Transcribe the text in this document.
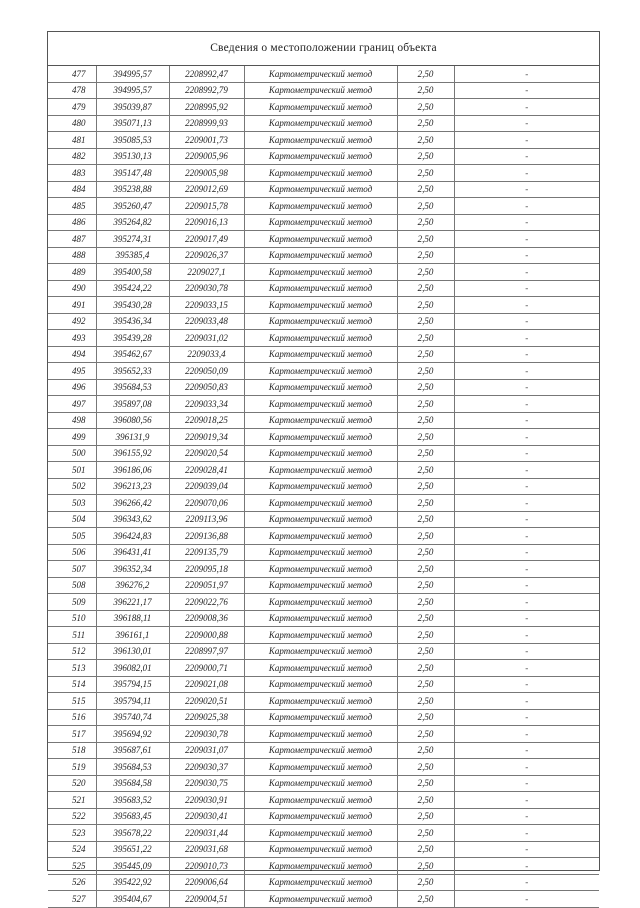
Сведения о местоположении границ объекта
477	394995,57	2208992,47	Картометрический метод	2,50	-
478	394995,57	2208992,79	Картометрический метод	2,50	-
479	395039,87	2208995,92	Картометрический метод	2,50	-
480	395071,13	2208999,93	Картометрический метод	2,50	-
481	395085,53	2209001,73	Картометрический метод	2,50	-
482	395130,13	2209005,96	Картометрический метод	2,50	-
483	395147,48	2209005,98	Картометрический метод	2,50	-
484	395238,88	2209012,69	Картометрический метод	2,50	-
485	395260,47	2209015,78	Картометрический метод	2,50	-
486	395264,82	2209016,13	Картометрический метод	2,50	-
487	395274,31	2209017,49	Картометрический метод	2,50	-
488	395385,4	2209026,37	Картометрический метод	2,50	-
489	395400,58	2209027,1	Картометрический метод	2,50	-
490	395424,22	2209030,78	Картометрический метод	2,50	-
491	395430,28	2209033,15	Картометрический метод	2,50	-
492	395436,34	2209033,48	Картометрический метод	2,50	-
493	395439,28	2209031,02	Картометрический метод	2,50	-
494	395462,67	2209033,4	Картометрический метод	2,50	-
495	395652,33	2209050,09	Картометрический метод	2,50	-
496	395684,53	2209050,83	Картометрический метод	2,50	-
497	395897,08	2209033,34	Картометрический метод	2,50	-
498	396080,56	2209018,25	Картометрический метод	2,50	-
499	396131,9	2209019,34	Картометрический метод	2,50	-
500	396155,92	2209020,54	Картометрический метод	2,50	-
501	396186,06	2209028,41	Картометрический метод	2,50	-
502	396213,23	2209039,04	Картометрический метод	2,50	-
503	396266,42	2209070,06	Картометрический метод	2,50	-
504	396343,62	2209113,96	Картометрический метод	2,50	-
505	396424,83	2209136,88	Картометрический метод	2,50	-
506	396431,41	2209135,79	Картометрический метод	2,50	-
507	396352,34	2209095,18	Картометрический метод	2,50	-
508	396276,2	2209051,97	Картометрический метод	2,50	-
509	396221,17	2209022,76	Картометрический метод	2,50	-
510	396188,11	2209008,36	Картометрический метод	2,50	-
511	396161,1	2209000,88	Картометрический метод	2,50	-
512	396130,01	2208997,97	Картометрический метод	2,50	-
513	396082,01	2209000,71	Картометрический метод	2,50	-
514	395794,15	2209021,08	Картометрический метод	2,50	-
515	395794,11	2209020,51	Картометрический метод	2,50	-
516	395740,74	2209025,38	Картометрический метод	2,50	-
517	395694,92	2209030,78	Картометрический метод	2,50	-
518	395687,61	2209031,07	Картометрический метод	2,50	-
519	395684,53	2209030,37	Картометрический метод	2,50	-
520	395684,58	2209030,75	Картометрический метод	2,50	-
521	395683,52	2209030,91	Картометрический метод	2,50	-
522	395683,45	2209030,41	Картометрический метод	2,50	-
523	395678,22	2209031,44	Картометрический метод	2,50	-
524	395651,22	2209031,68	Картометрический метод	2,50	-
525	395445,09	2209010,73	Картометрический метод	2,50	-
526	395422,92	2209006,64	Картометрический метод	2,50	-
527	395404,67	2209004,51	Картометрический метод	2,50	-
